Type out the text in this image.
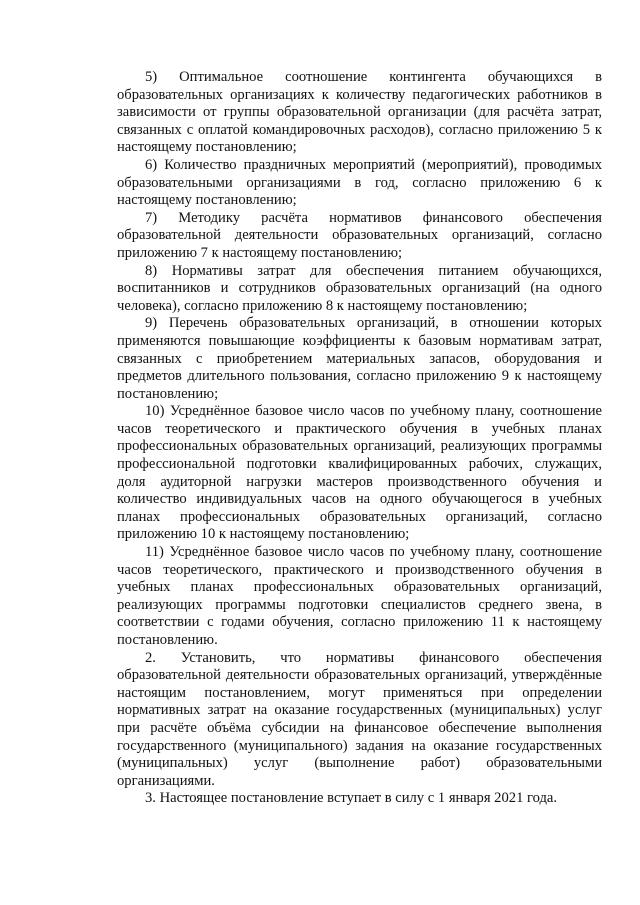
5) Оптимальное соотношение контингента обучающихся в образовательных организациях к количеству педагогических работников в зависимости от группы образовательной организации (для расчёта затрат, связанных с оплатой командировочных расходов), согласно приложению 5 к настоящему постановлению;

6) Количество праздничных мероприятий (мероприятий), проводимых образовательными организациями в год, согласно приложению 6 к настоящему постановлению;

7) Методику расчёта нормативов финансового обеспечения образовательной деятельности образовательных организаций, согласно приложению 7 к настоящему постановлению;

8) Нормативы затрат для обеспечения питанием обучающихся, воспитанников и сотрудников образовательных организаций (на одного человека), согласно приложению 8 к настоящему постановлению;

9) Перечень образовательных организаций, в отношении которых применяются повышающие коэффициенты к базовым нормативам затрат, связанных с приобретением материальных запасов, оборудования и предметов длительного пользования, согласно приложению 9 к настоящему постановлению;

10) Усреднённое базовое число часов по учебному плану, соотношение часов теоретического и практического обучения в учебных планах профессиональных образовательных организаций, реализующих программы профессиональной подготовки квалифицированных рабочих, служащих, доля аудиторной нагрузки мастеров производственного обучения и количество индивидуальных часов на одного обучающегося в учебных планах профессиональных образовательных организаций, согласно приложению 10 к настоящему постановлению;

11) Усреднённое базовое число часов по учебному плану, соотношение часов теоретического, практического и производственного обучения в учебных планах профессиональных образовательных организаций, реализующих программы подготовки специалистов среднего звена, в соответствии с годами обучения, согласно приложению 11 к настоящему постановлению.

2. Установить, что нормативы финансового обеспечения образовательной деятельности образовательных организаций, утверждённые настоящим постановлением, могут применяться при определении нормативных затрат на оказание государственных (муниципальных) услуг при расчёте объёма субсидии на финансовое обеспечение выполнения государственного (муниципального) задания на оказание государственных (муниципальных) услуг (выполнение работ) образовательными организациями.

3. Настоящее постановление вступает в силу с 1 января 2021 года.
